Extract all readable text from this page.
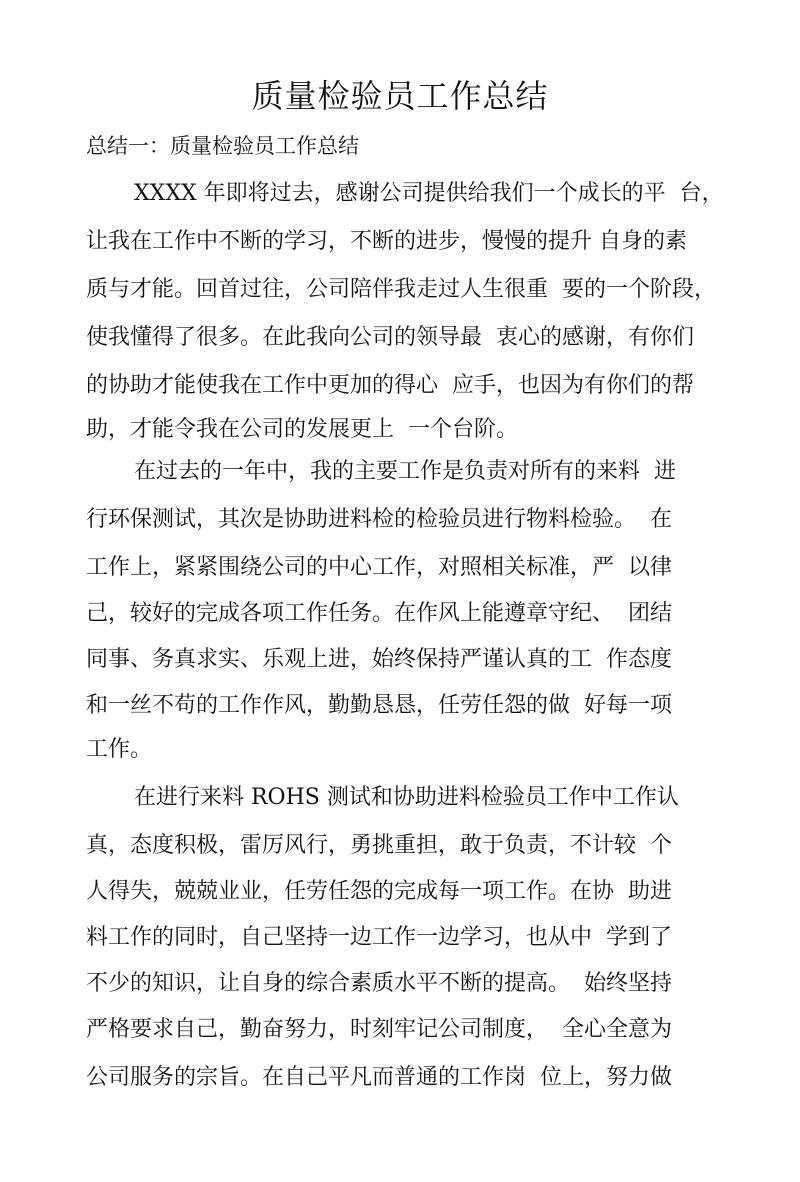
质量检验员工作总结
总结一：质量检验员工作总结
XXXX 年即将过去，感谢公司提供给我们一个成长的平  台，
让我在工作中不断的学习，不断的进步，慢慢的提升 自身的素
质与才能。回首过往，公司陪伴我走过人生很重  要的一个阶段，
使我懂得了很多。在此我向公司的领导最  衷心的感谢，有你们
的协助才能使我在工作中更加的得心  应手，也因为有你们的帮
助，才能令我在公司的发展更上  一个台阶。
在过去的一年中，我的主要工作是负责对所有的来料  进
行环保测试，其次是协助进料检的检验员进行物料检验。  在
工作上，紧紧围绕公司的中心工作，对照相关标准，严  以律
己，较好的完成各项工作任务。在作风上能遵章守纪、  团结
同事、务真求实、乐观上进，始终保持严谨认真的工  作态度
和一丝不苟的工作作风，勤勤恳恳，任劳任怨的做  好每一项
工作。
在进行来料 ROHS 测试和协助进料检验员工作中工作认
真，态度积极，雷厉风行，勇挑重担，敢于负责，不计较  个
人得失，兢兢业业，任劳任怨的完成每一项工作。在协  助进
料工作的同时，自己坚持一边工作一边学习，也从中  学到了
不少的知识，让自身的综合素质水平不断的提高。  始终坚持
严格要求自己，勤奋努力，时刻牢记公司制度，  全心全意为
公司服务的宗旨。在自己平凡而普通的工作岗  位上，努力做
